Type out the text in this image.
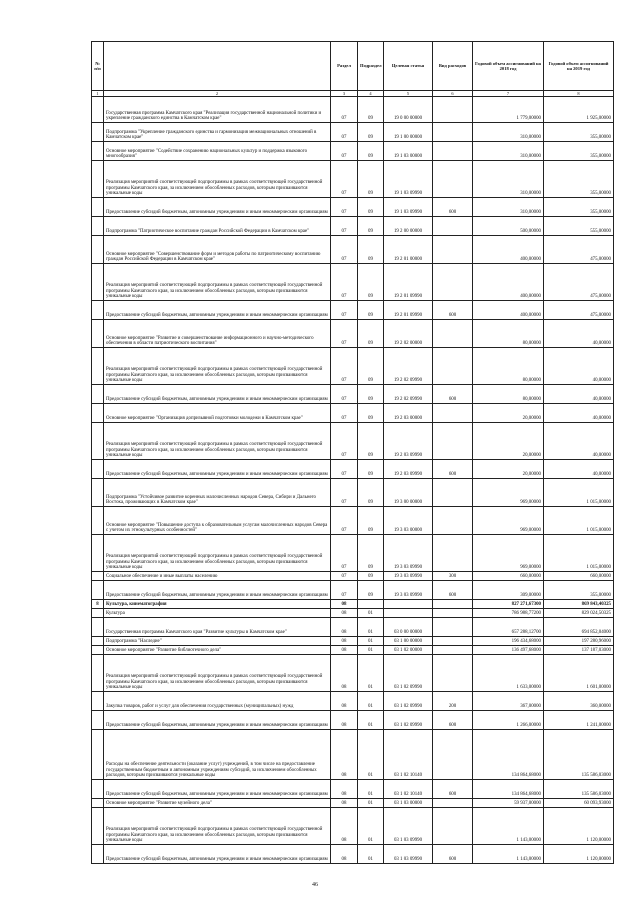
№ п/п		Раздел	Подраздел	Целевая статья	Вид расходов	Годовой объем ассигнований на 2018 год	Годовой объем ассигнований на 2019 год
1	2	3	4	5	6	7	8
	Государственная программа Камчатского края "Реализация государственной национальной политики и укрепление гражданского единства в Камчатском крае"	07	09	19 0 00 00000		1 779,00000	1 925,00000
	Подпрограмма "Укрепление гражданского единства и гармонизация межнациональных отношений в Камчатском крае"	07	09	19 1 00 00000		310,00000	355,00000
	Основное мероприятие "Содействие сохранению национальных культур и поддержка языкового многообразия"	07	09	19 1 03 00000		310,00000	355,00000
	Реализация мероприятий соответствующей подпрограммы в рамках соответствующей государственной программы Камчатского края, за исключением обособленных расходов, которым присваиваются уникальные коды	07	09	19 1 03 09990		310,00000	355,00000
	Предоставление субсидий бюджетным, автономным учреждениям и иным некоммерческим организациям	07	09	19 1 03 09990	600	310,00000	355,00000
	Подпрограмма "Патриотическое воспитание граждан Российской Федерации в Камчатском крае"	07	09	19 2 00 00000		500,00000	555,00000
	Основное мероприятие "Совершенствование форм и методов работы по патриотическому воспитанию граждан Российской Федерации в Камчатском крае"	07	09	19 2 01 00000		400,00000	475,00000
	Реализация мероприятий соответствующей подпрограммы в рамках соответствующей государственной программы Камчатского края, за исключением обособленных расходов, которым присваиваются уникальные коды	07	09	19 2 01 09990		400,00000	475,00000
	Предоставление субсидий бюджетным, автономным учреждениям и иным некоммерческим организациям	07	09	19 2 01 09990	600	400,00000	475,00000
	Основное мероприятие "Развитие и совершенствование информационного и научно-методического обеспечения в области патриотического воспитания"	07	09	19 2 02 00000		80,00000	40,00000
	Реализация мероприятий соответствующей подпрограммы в рамках соответствующей государственной программы Камчатского края, за исключением обособленных расходов, которым присваиваются уникальные коды	07	09	19 2 02 09990		80,00000	40,00000
	Предоставление субсидий бюджетным, автономным учреждениям и иным некоммерческим организациям	07	09	19 2 02 09990	600	80,00000	40,00000
	Основное мероприятие "Организация допризывной подготовки молодежи в Камчатском крае"	07	09	19 2 03 00000		20,00000	40,00000
	Реализация мероприятий соответствующей подпрограммы в рамках соответствующей государственной программы Камчатского края, за исключением обособленных расходов, которым присваиваются уникальные коды	07	09	19 2 03 09990		20,00000	40,00000
	Предоставление субсидий бюджетным, автономным учреждениям и иным некоммерческим организациям	07	09	19 2 03 09990	600	20,00000	40,00000
	Подпрограмма "Устойчивое развитие коренных малочисленных народов Севера, Сибири и Дальнего Востока, проживающих в Камчатском крае"	07	09	19 3 00 00000		969,00000	1 015,00000
	Основное мероприятие "Повышение доступа к образовательным услугам малочисленных народов Севера с учетом их этнокультурных особенностей"	07	09	19 3 03 00000		969,00000	1 015,00000
	Реализация мероприятий соответствующей подпрограммы в рамках соответствующей государственной программы Камчатского края, за исключением обособленных расходов, которым присваиваются уникальные коды	07	09	19 3 03 09990		969,00000	1 015,00000
	Социальное обеспечение и иные выплаты населению	07	09	19 3 03 09990	300	660,00000	660,00000
	Предоставление субсидий бюджетным, автономным учреждениям и иным некоммерческим организациям	07	09	19 3 03 09990	600	309,00000	355,00000
8	Культура, кинематография	08				827 271,67300	869 843,40325
	Культура	08	01			786 988,77200	829 024,50325
	Государственная программа Камчатского края "Развитие культуры в Камчатском крае"	08	01	03 0 00 00000		657 288,12700	694 852,04000
	Подпрограмма "Наследие"	08	01	03 1 00 00000		196 434,68000	197 280,96000
	Основное мероприятие "Развитие библиотечного дела"	08	01	03 1 02 00000		136 497,68000	137 187,03000
	Реализация мероприятий соответствующей подпрограммы в рамках соответствующей государственной программы Камчатского края, за исключением обособленных расходов, которым присваиваются уникальные коды	08	01	03 1 02 09990		1 633,00000	1 601,00000
	Закупка товаров, работ и услуг для обеспечения государственных (муниципальных) нужд	08	01	03 1 02 09990	200	367,00000	360,00000
	Предоставление субсидий бюджетным, автономным учреждениям и иным некоммерческим организациям	08	01	03 1 02 09990	600	1 266,00000	1 241,00000
	Расходы на обеспечение деятельности (оказание услуг) учреждений, в том числе на предоставление государственным бюджетным и автономным учреждениям субсидий, за исключением обособленных расходов, которым присваиваются уникальные коды	08	01	03 1 02 10140		134 864,68000	135 586,03000
	Предоставление субсидий бюджетным, автономным учреждениям и иным некоммерческим организациям	08	01	03 1 02 10140	600	134 864,68000	135 586,03000
	Основное мероприятие "Развитие музейного дела"	08	01	03 1 03 00000		59 937,00000	60 093,93000
	Реализация мероприятий соответствующей подпрограммы в рамках соответствующей государственной программы Камчатского края, за исключением обособленных расходов, которым присваиваются уникальные коды	08	01	03 1 03 09990		1 143,00000	1 120,00000
	Предоставление субсидий бюджетным, автономным учреждениям и иным некоммерческим организациям	08	01	03 1 03 09990	600	1 143,00000	1 120,00000
46
